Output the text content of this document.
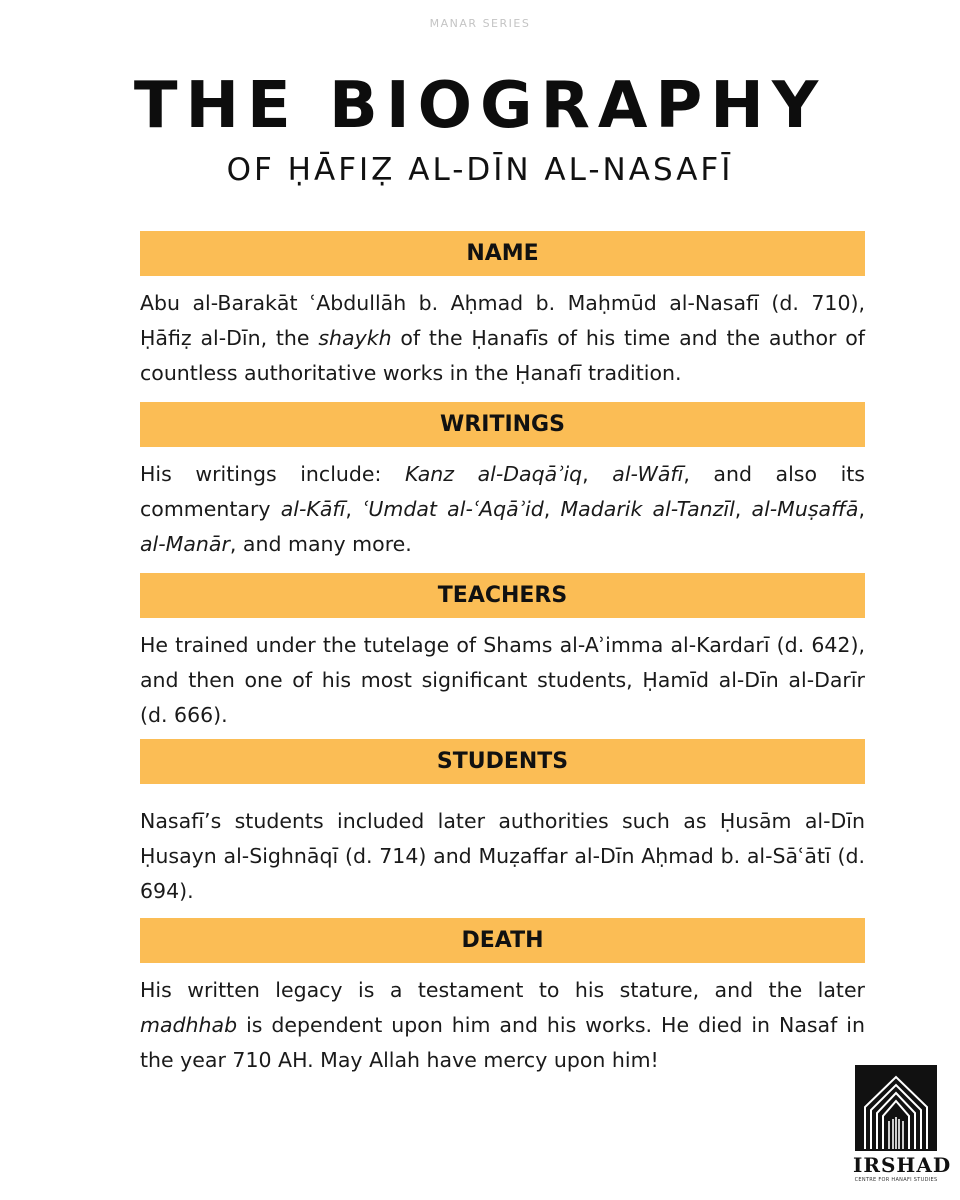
MANAR SERIES
THE BIOGRAPHY
OF ḤĀFIẒ AL-DĪN AL-NASAFĪ
NAME
Abu al-Barakāt ʿAbdullāh b. Aḥmad b. Maḥmūd al-Nasafī (d. 710), Ḥāfiẓ al-Dīn, the shaykh of the Ḥanafīs of his time and the author of countless authoritative works in the Ḥanafī tradition.
WRITINGS
His writings include: Kanz al-Daqāʾiq, al-Wāfī, and also its commentary al-Kāfī, ʿUmdat al-ʿAqāʾid, Madarik al-Tanzīl, al-Muṣaffā, al-Manār, and many more.
TEACHERS
He trained under the tutelage of Shams al-Aʾimma al-Kardarī (d. 642), and then one of his most significant students, Ḥamīd al-Dīn al-Darīr (d. 666).
STUDENTS
Nasafī’s students included later authorities such as Ḥusām al-Dīn Ḥusayn al-Sighnāqī (d. 714) and Muẓaffar al-Dīn Aḥmad b. al-Sāʿātī (d. 694).
DEATH
His written legacy is a testament to his stature, and the later madhhab is dependent upon him and his works. He died in Nasaf in the year 710 AH. May Allah have mercy upon him!
IRSHAD
CENTRE FOR HANAFI STUDIES
